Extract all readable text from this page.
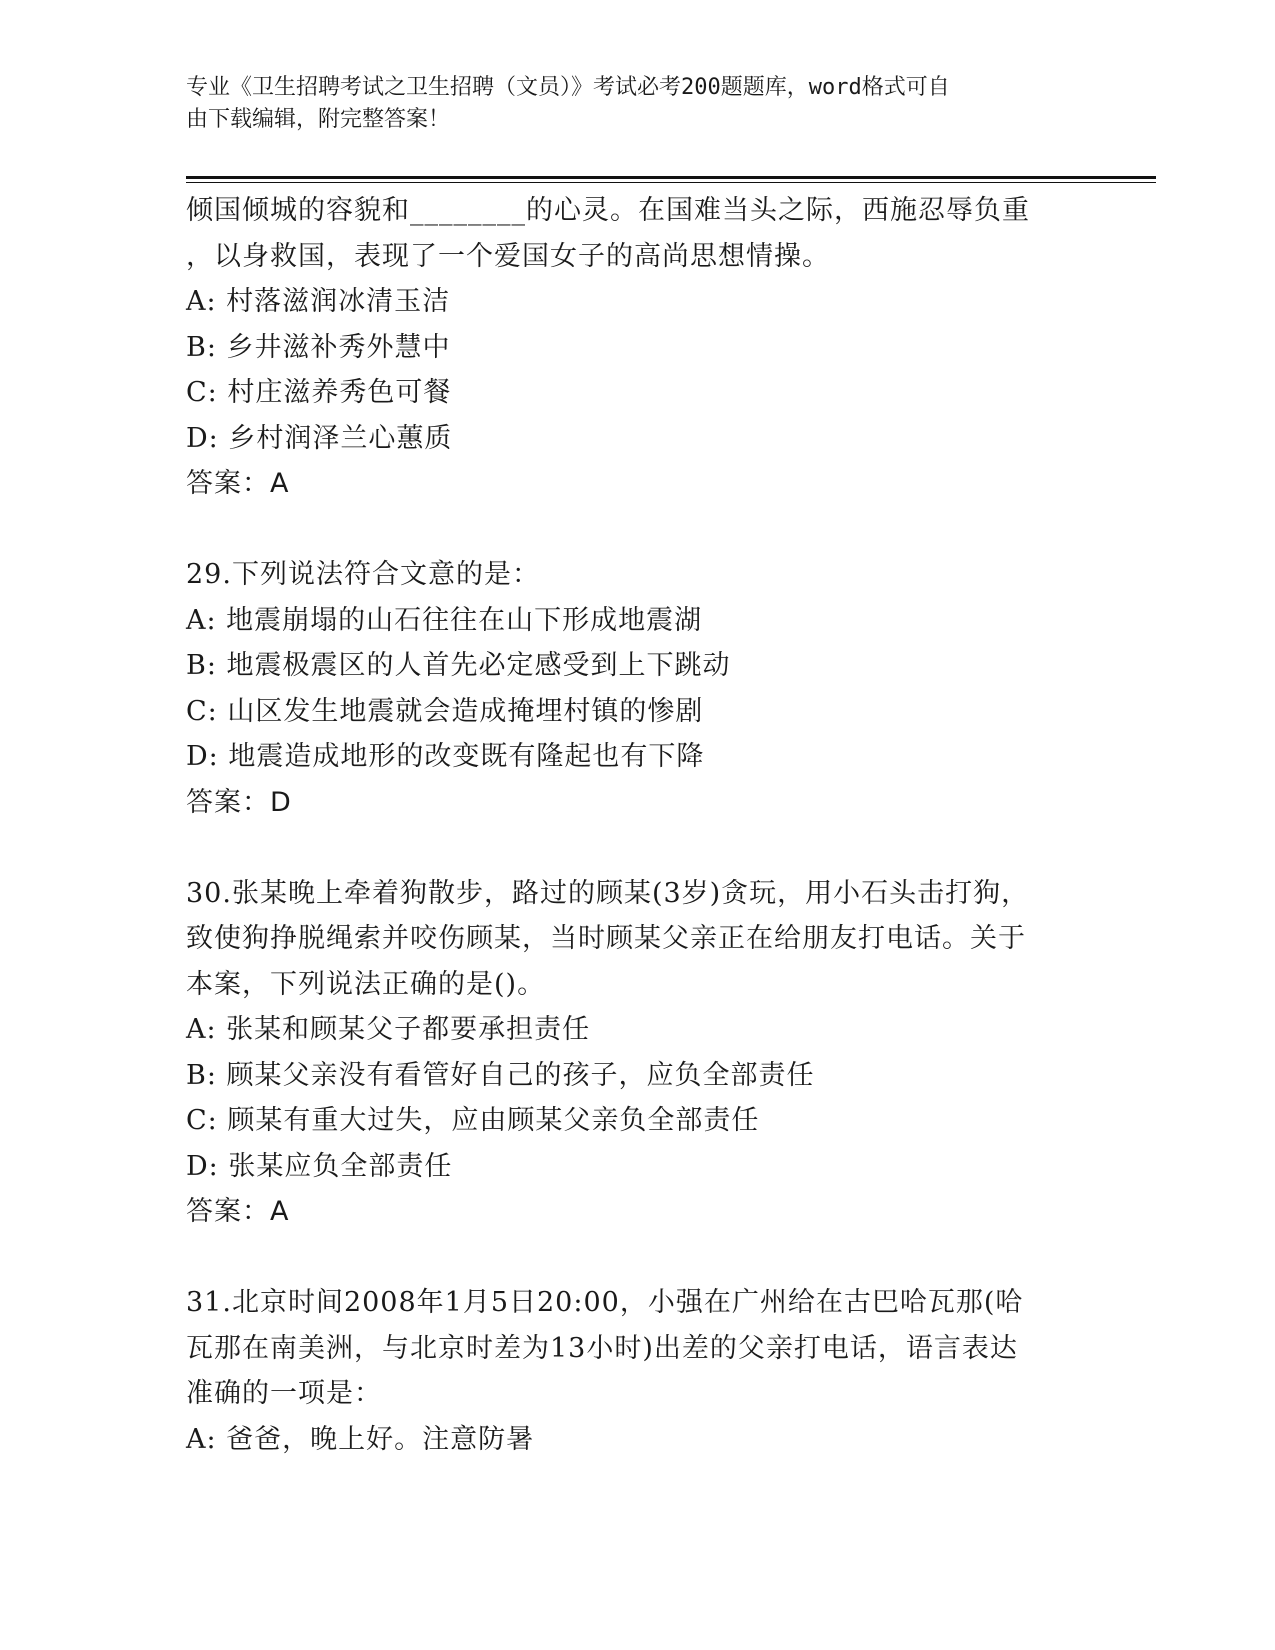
专业《卫生招聘考试之卫生招聘（文员）》考试必考200题题库，word格式可自
由下载编辑，附完整答案！
倾国倾城的容貌和________的心灵。在国难当头之际，西施忍辱负重
，以身救国，表现了一个爱国女子的高尚思想情操。
A: 村落滋润冰清玉洁
B: 乡井滋补秀外慧中
C: 村庄滋养秀色可餐
D: 乡村润泽兰心蕙质
答案：A
29.下列说法符合文意的是：
A: 地震崩塌的山石往往在山下形成地震湖
B: 地震极震区的人首先必定感受到上下跳动
C: 山区发生地震就会造成掩埋村镇的惨剧
D: 地震造成地形的改变既有隆起也有下降
答案：D
30.张某晚上牵着狗散步，路过的顾某(3岁)贪玩，用小石头击打狗，
致使狗挣脱绳索并咬伤顾某，当时顾某父亲正在给朋友打电话。关于
本案，下列说法正确的是()。
A: 张某和顾某父子都要承担责任
B: 顾某父亲没有看管好自己的孩子，应负全部责任
C: 顾某有重大过失，应由顾某父亲负全部责任
D: 张某应负全部责任
答案：A
31.北京时间2008年1月5日20:00，小强在广州给在古巴哈瓦那(哈
瓦那在南美洲，与北京时差为13小时)出差的父亲打电话，语言表达
准确的一项是：
A: 爸爸，晚上好。注意防暑
